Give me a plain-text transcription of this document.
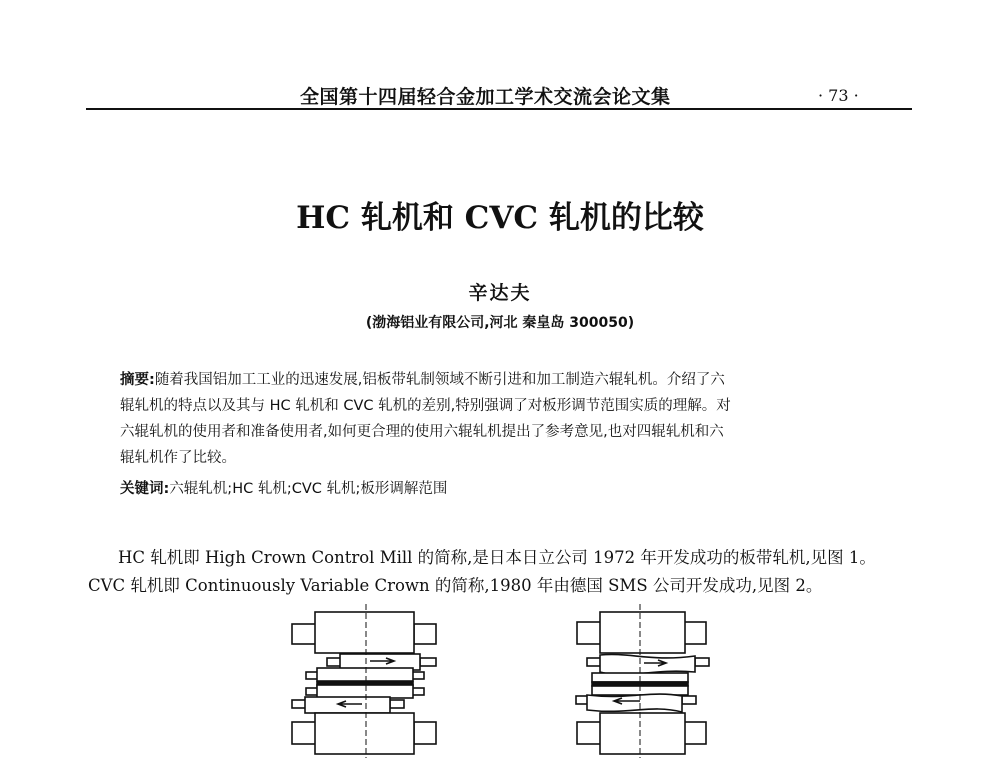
全国第十四届轻合金加工学术交流会论文集	· 73 ·
HC 轧机和 CVC 轧机的比较
辛达夫
(渤海铝业有限公司,河北 秦皇岛 300050)
摘要:随着我国铝加工工业的迅速发展,铝板带轧制领域不断引进和加工制造六辊轧机。介绍了六
辊轧机的特点以及其与 HC 轧机和 CVC 轧机的差别,特别强调了对板形调节范围实质的理解。对
六辊轧机的使用者和准备使用者,如何更合理的使用六辊轧机提出了参考意见,也对四辊轧机和六
辊轧机作了比较。
关键词:六辊轧机;HC 轧机;CVC 轧机;板形调解范围
HC 轧机即 High Crown Control Mill 的简称,是日本日立公司 1972 年开发成功的板带轧机,见图 1。
CVC 轧机即 Continuously Variable Crown 的简称,1980 年由德国 SMS 公司开发成功,见图 2。
